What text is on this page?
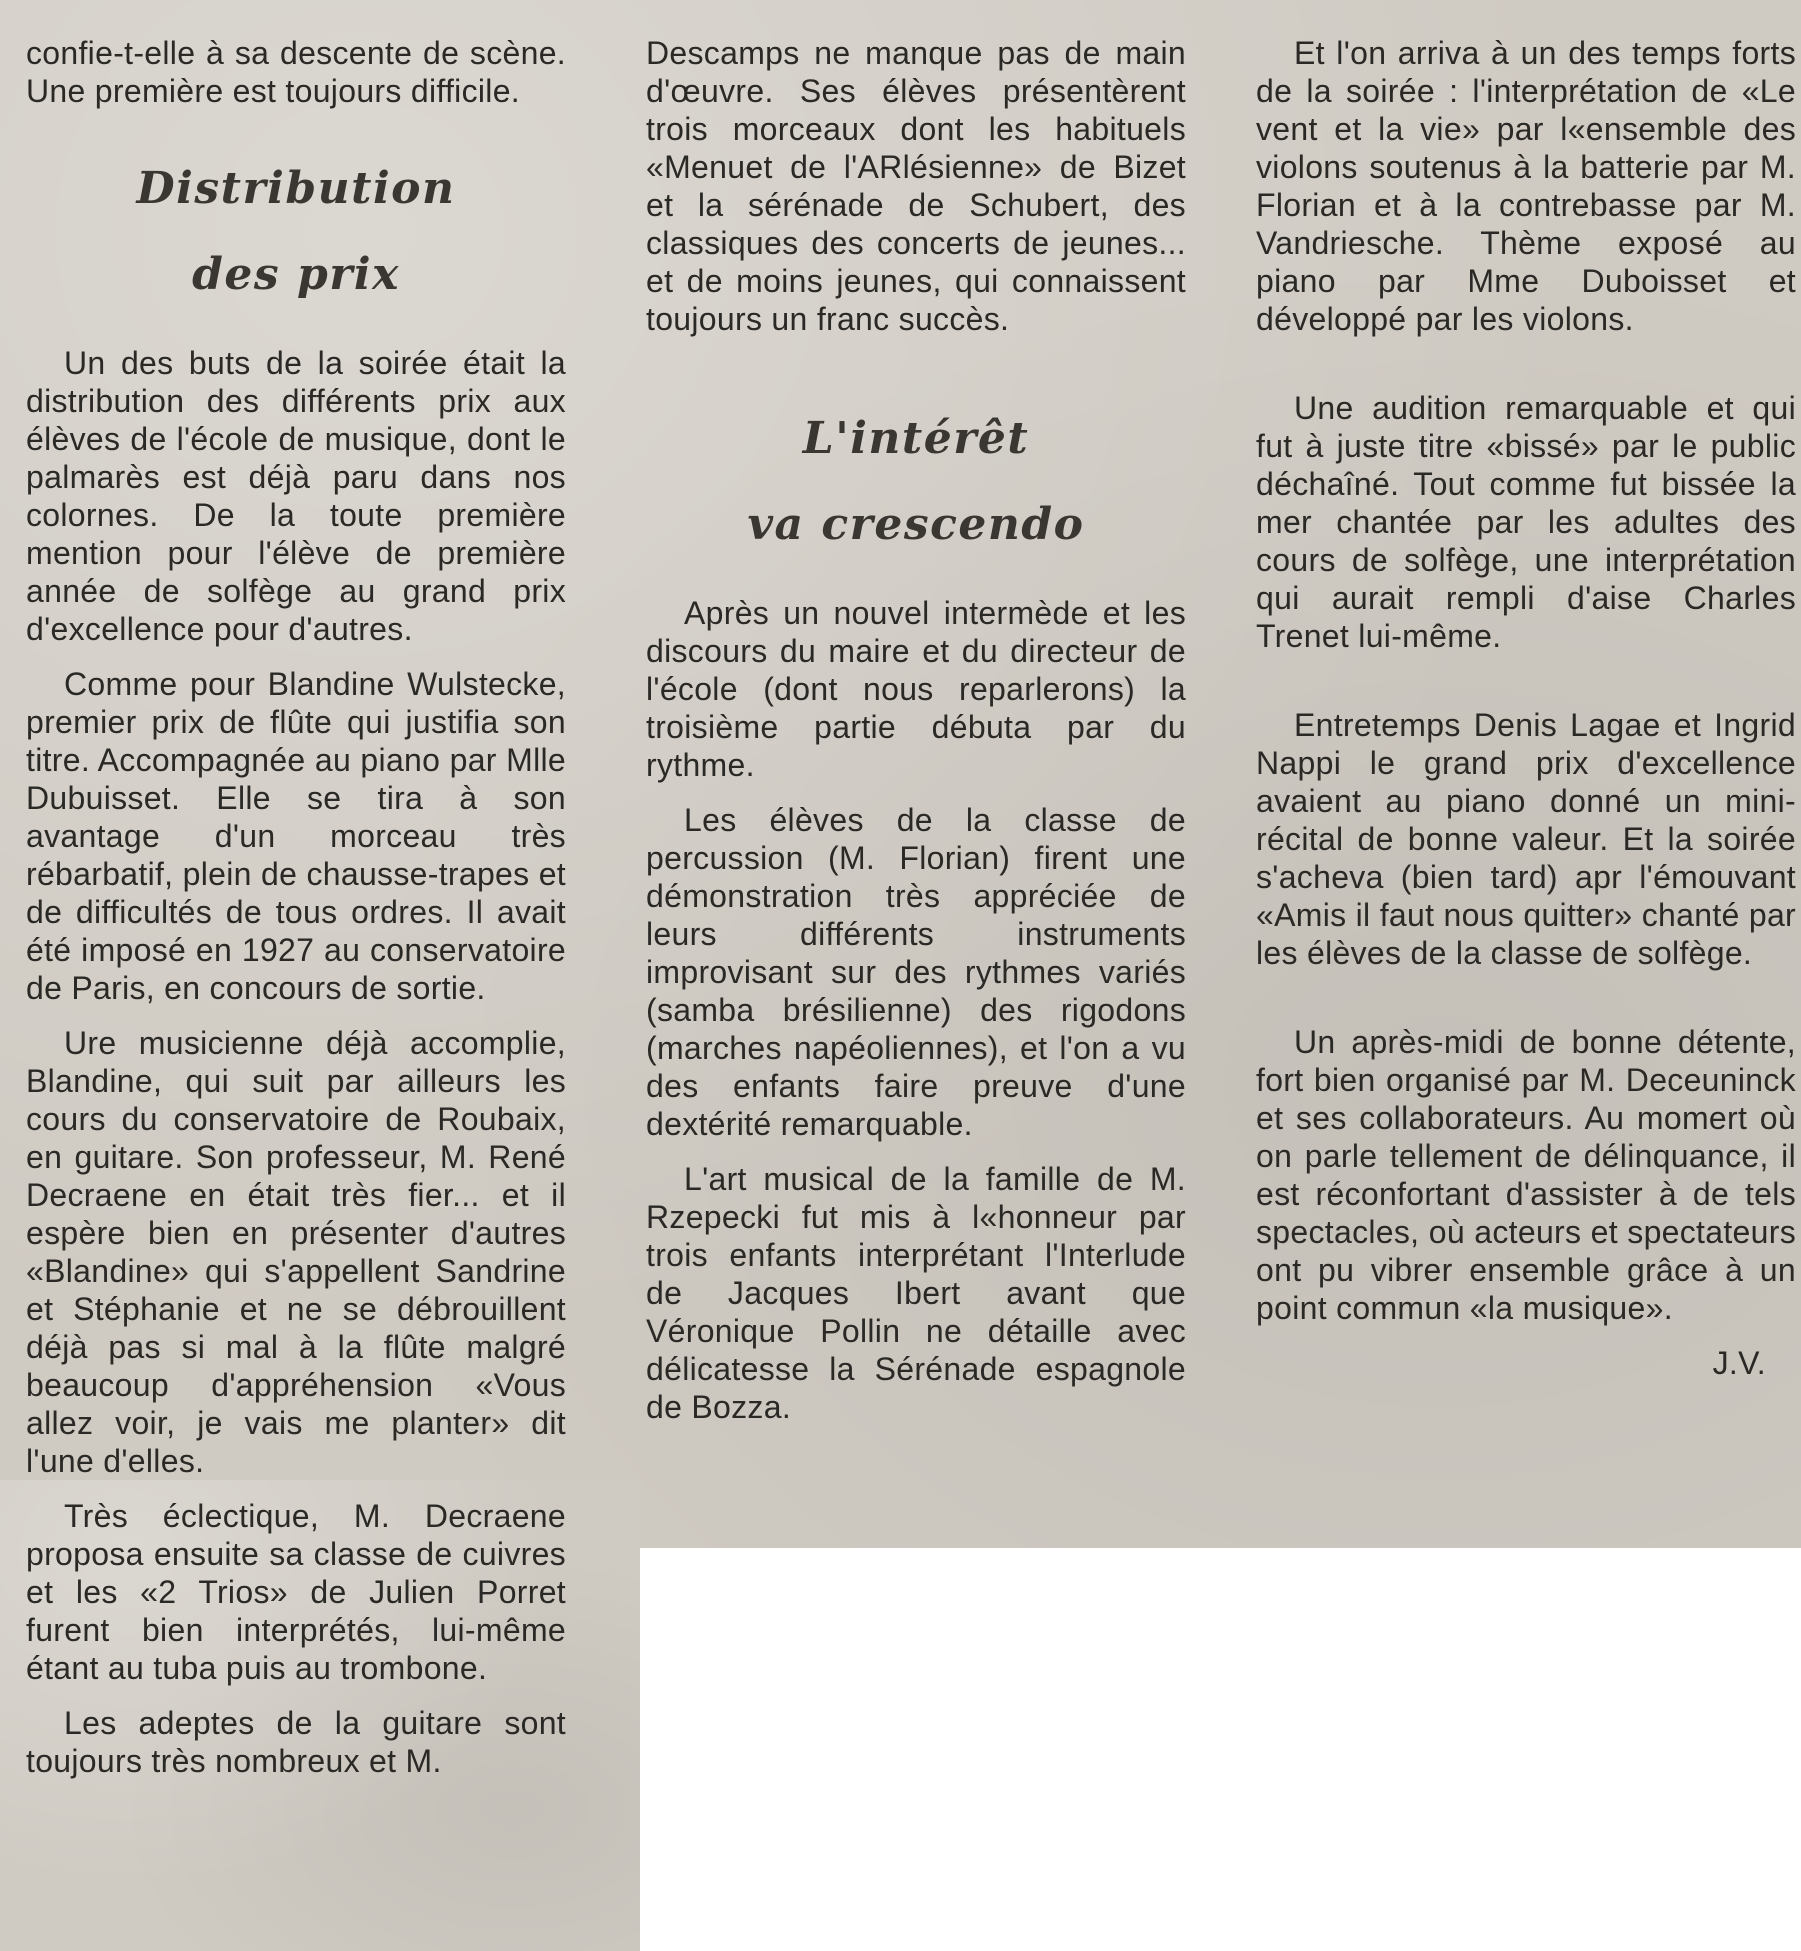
confie-t-elle à sa descente de scène. Une première est toujours difficile.

Distribution
des prix

Un des buts de la soirée était la distribution des différents prix aux élèves de l'école de musique, dont le palmarès est déjà paru dans nos colornes. De la toute première mention pour l'élève de première année de solfège au grand prix d'excellence pour d'autres.

Comme pour Blandine Wulstecke, premier prix de flûte qui justifia son titre. Accompagnée au piano par Mlle Dubuisset. Elle se tira à son avantage d'un morceau très rébarbatif, plein de chausse-trapes et de difficultés de tous ordres. Il avait été imposé en 1927 au conservatoire de Paris, en concours de sortie.

Ure musicienne déjà accomplie, Blandine, qui suit par ailleurs les cours du conservatoire de Roubaix, en guitare. Son professeur, M. René Decraene en était très fier... et il espère bien en présenter d'autres «Blandine» qui s'appellent Sandrine et Stéphanie et ne se débrouillent déjà pas si mal à la flûte malgré beaucoup d'appréhension «Vous allez voir, je vais me planter» dit l'une d'elles.

Très éclectique, M. Decraene proposa ensuite sa classe de cuivres et les «2 Trios» de Julien Porret furent bien interprétés, lui-même étant au tuba puis au trombone.

Les adeptes de la guitare sont toujours très nombreux et M.

Descamps ne manque pas de main d'œuvre. Ses élèves présentèrent trois morceaux dont les habituels «Menuet de l'ARlésienne» de Bizet et la sérénade de Schubert, des classiques des concerts de jeunes... et de moins jeunes, qui connaissent toujours un franc succès.

L'intérêt
va crescendo

Après un nouvel intermède et les discours du maire et du directeur de l'école (dont nous reparlerons) la troisième partie débuta par du rythme.

Les élèves de la classe de percussion (M. Florian) firent une démonstration très appréciée de leurs différents instruments improvisant sur des rythmes variés (samba brésilienne) des rigodons (marches napéoliennes), et l'on a vu des enfants faire preuve d'une dextérité remarquable.

L'art musical de la famille de M. Rzepecki fut mis à l«honneur par trois enfants interprétant l'Interlude de Jacques Ibert avant que Véronique Pollin ne détaille avec délicatesse la Sérénade espagnole de Bozza.

Et l'on arriva à un des temps forts de la soirée : l'interprétation de «Le vent et la vie» par l«ensemble des violons soutenus à la batterie par M. Florian et à la contrebasse par M. Vandriesche. Thème exposé au piano par Mme Duboisset et développé par les violons.

Une audition remarquable et qui fut à juste titre «bissé» par le public déchaîné. Tout comme fut bissée la mer chantée par les adultes des cours de solfège, une interprétation qui aurait rempli d'aise Charles Trenet lui-même.

Entretemps Denis Lagae et Ingrid Nappi le grand prix d'excellence avaient au piano donné un mini-récital de bonne valeur. Et la soirée s'acheva (bien tard) apr l'émouvant «Amis il faut nous quitter» chanté par les élèves de la classe de solfège.

Un après-midi de bonne détente, fort bien organisé par M. Deceuninck et ses collaborateurs. Au momert où on parle tellement de délinquance, il est réconfortant d'assister à de tels spectacles, où acteurs et spectateurs ont pu vibrer ensemble grâce à un point commun «la musique».

J.V.
